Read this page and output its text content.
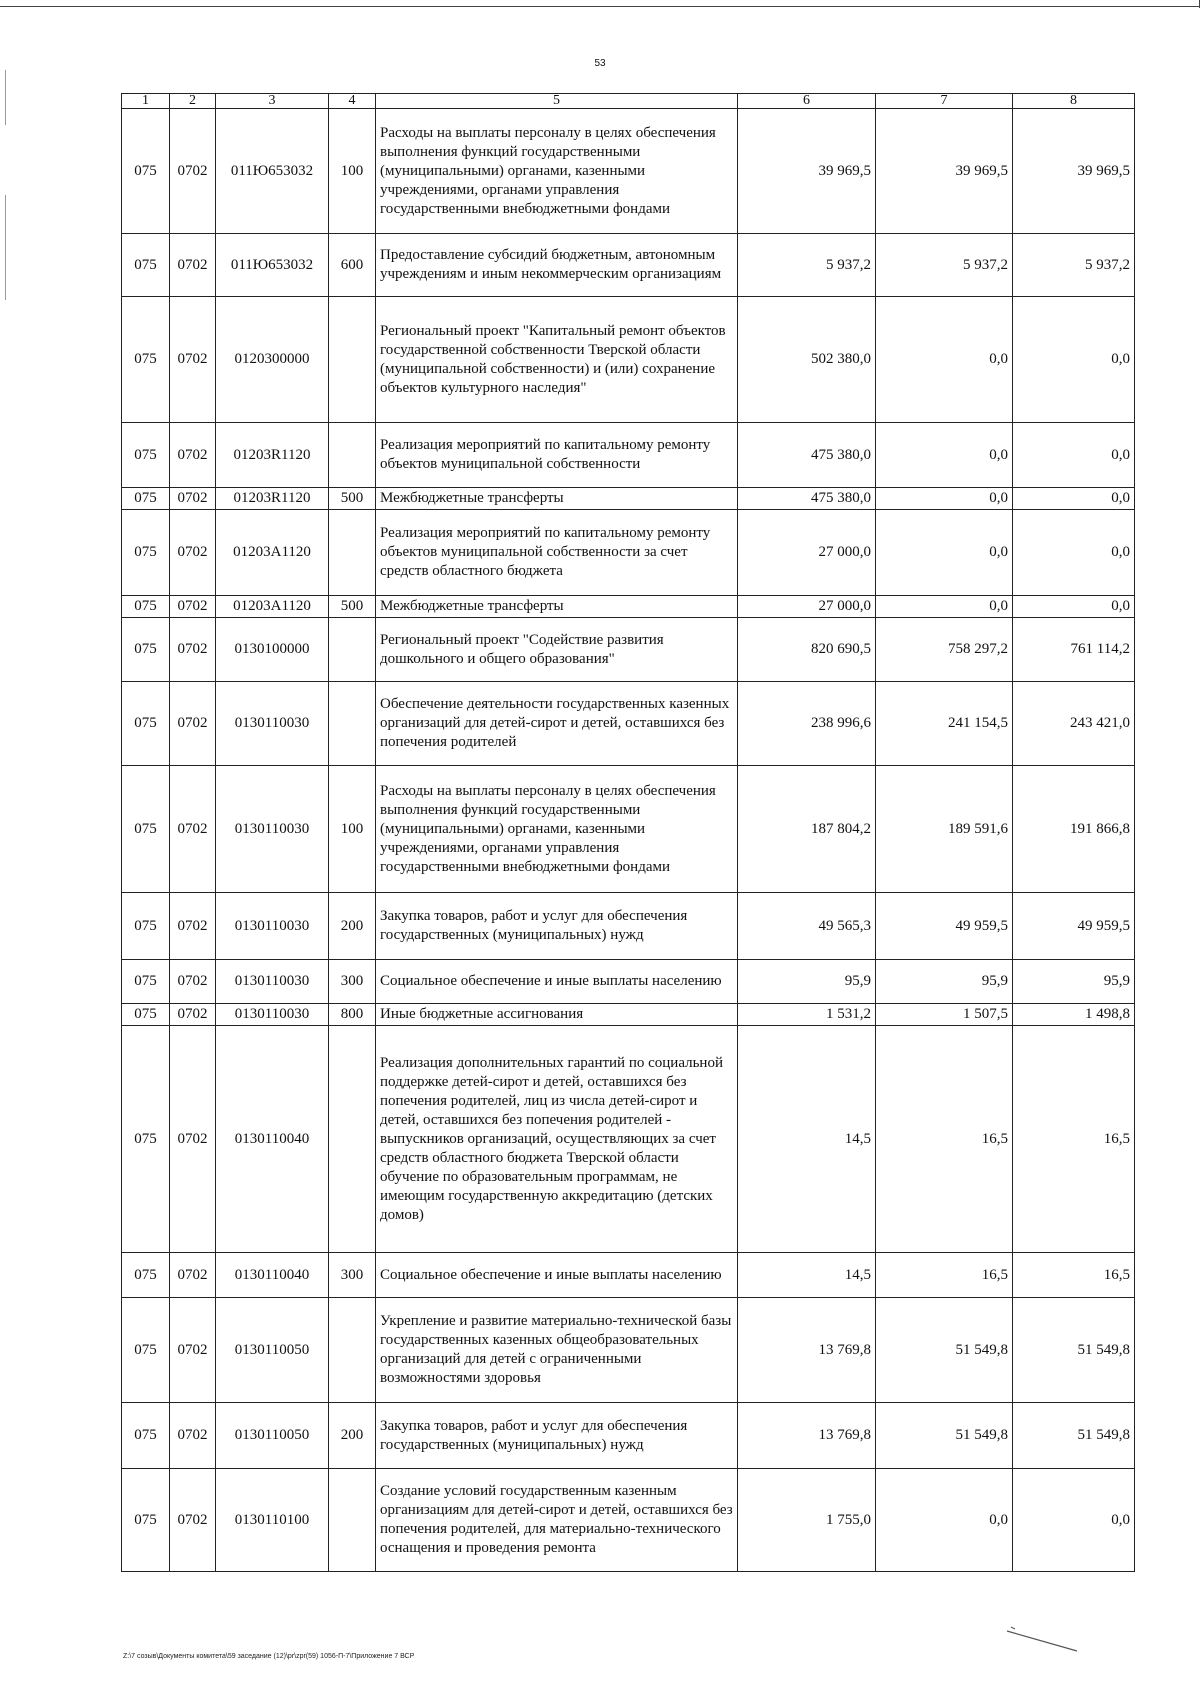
53
1	2	3	4	5	6	7	8
075	0702	011Ю653032	100	Расходы на выплаты персоналу в целях обеспечения выполнения функций государственными (муниципальными) органами, казенными учреждениями, органами управления государственными внебюджетными фондами	39 969,5	39 969,5	39 969,5
075	0702	011Ю653032	600	Предоставление субсидий бюджетным, автономным учреждениям и иным некоммерческим организациям	5 937,2	5 937,2	5 937,2
075	0702	0120300000		Региональный проект "Капитальный ремонт объектов государственной собственности Тверской области (муниципальной собственности) и (или) сохранение объектов культурного наследия"	502 380,0	0,0	0,0
075	0702	01203R1120		Реализация мероприятий по капитальному ремонту объектов муниципальной собственности	475 380,0	0,0	0,0
075	0702	01203R1120	500	Межбюджетные трансферты	475 380,0	0,0	0,0
075	0702	01203A1120		Реализация мероприятий по капитальному ремонту объектов муниципальной собственности за счет средств областного бюджета	27 000,0	0,0	0,0
075	0702	01203A1120	500	Межбюджетные трансферты	27 000,0	0,0	0,0
075	0702	0130100000		Региональный проект "Содействие развития дошкольного и общего образования"	820 690,5	758 297,2	761 114,2
075	0702	0130110030		Обеспечение деятельности государственных казенных организаций для детей-сирот и детей, оставшихся без попечения родителей	238 996,6	241 154,5	243 421,0
075	0702	0130110030	100	Расходы на выплаты персоналу в целях обеспечения выполнения функций государственными (муниципальными) органами, казенными учреждениями, органами управления государственными внебюджетными фондами	187 804,2	189 591,6	191 866,8
075	0702	0130110030	200	Закупка товаров, работ и услуг для обеспечения государственных (муниципальных) нужд	49 565,3	49 959,5	49 959,5
075	0702	0130110030	300	Социальное обеспечение и иные выплаты населению	95,9	95,9	95,9
075	0702	0130110030	800	Иные бюджетные ассигнования	1 531,2	1 507,5	1 498,8
075	0702	0130110040		Реализация дополнительных гарантий по социальной поддержке детей-сирот и детей, оставшихся без попечения родителей, лиц из числа детей-сирот и детей, оставшихся без попечения родителей - выпускников организаций, осуществляющих за счет средств областного бюджета Тверской области обучение по образовательным программам, не имеющим государственную аккредитацию (детских домов)	14,5	16,5	16,5
075	0702	0130110040	300	Социальное обеспечение и иные выплаты населению	14,5	16,5	16,5
075	0702	0130110050		Укрепление и развитие материально-технической базы государственных казенных общеобразовательных организаций для детей с ограниченными возможностями здоровья	13 769,8	51 549,8	51 549,8
075	0702	0130110050	200	Закупка товаров, работ и услуг для обеспечения государственных (муниципальных) нужд	13 769,8	51 549,8	51 549,8
075	0702	0130110100		Создание условий государственным казенным организациям для детей-сирот и детей, оставшихся без попечения родителей, для материально-технического оснащения и проведения ремонта	1 755,0	0,0	0,0
Z:\7 созыв\Документы комитета\59 заседание (12)\pr\zpr(59) 1056-П-7\Приложение 7 ВСР
